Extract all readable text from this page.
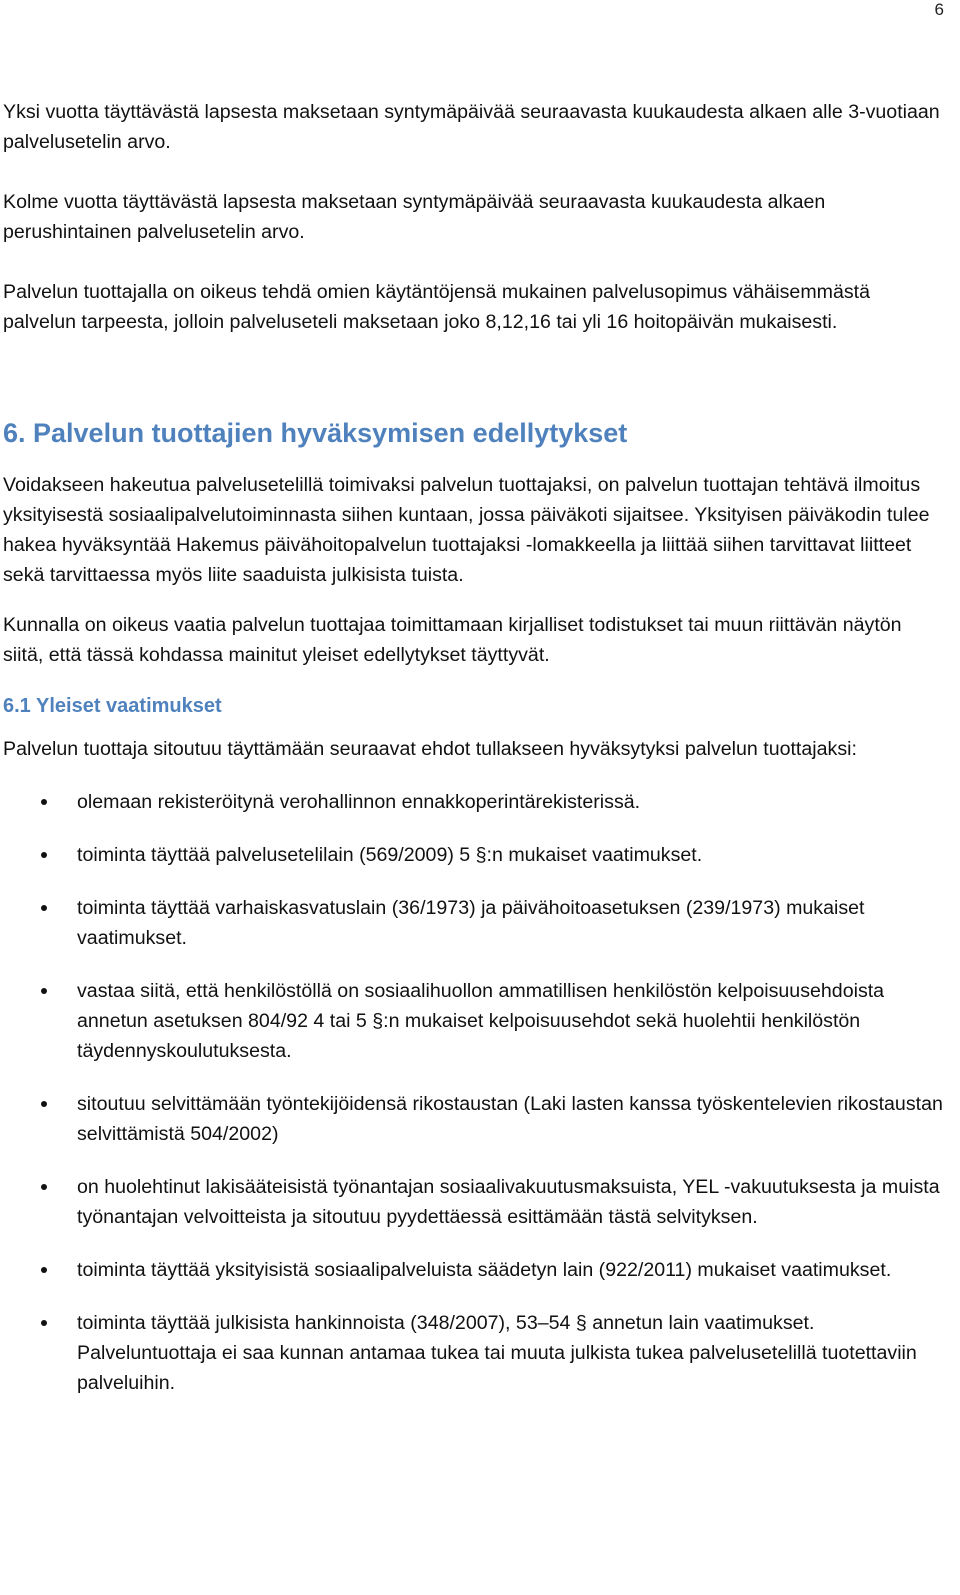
6

Yksi vuotta täyttävästä lapsesta maksetaan syntymäpäivää seuraavasta kuukaudesta alkaen alle 3-vuotiaan palvelusetelin arvo.

Kolme vuotta täyttävästä lapsesta maksetaan syntymäpäivää seuraavasta kuukaudesta alkaen perushintainen palvelusetelin arvo.

Palvelun tuottajalla on oikeus tehdä omien käytäntöjensä mukainen palvelusopimus vähäisemmästä palvelun tarpeesta, jolloin palveluseteli maksetaan joko 8,12,16 tai yli 16 hoitopäivän mukaisesti.

6. Palvelun tuottajien hyväksymisen edellytykset

Voidakseen hakeutua palvelusetelillä toimivaksi palvelun tuottajaksi, on palvelun tuottajan tehtävä ilmoitus yksityisestä sosiaalipalvelutoiminnasta siihen kuntaan, jossa päiväkoti sijaitsee. Yksityisen päiväkodin tulee hakea hyväksyntää Hakemus päivähoitopalvelun tuottajaksi -lomakkeella ja liittää siihen tarvittavat liitteet sekä tarvittaessa myös liite saaduista julkisista tuista.

Kunnalla on oikeus vaatia palvelun tuottajaa toimittamaan kirjalliset todistukset tai muun riittävän näytön siitä, että tässä kohdassa mainitut yleiset edellytykset täyttyvät.

6.1 Yleiset vaatimukset

Palvelun tuottaja sitoutuu täyttämään seuraavat ehdot tullakseen hyväksytyksi palvelun tuottajaksi:

olemaan rekisteröitynä verohallinnon ennakkoperintärekisterissä.
toiminta täyttää palvelusetelilain (569/2009) 5 §:n mukaiset vaatimukset.
toiminta täyttää varhaiskasvatuslain (36/1973) ja päivähoitoasetuksen (239/1973) mukaiset vaatimukset.
vastaa siitä, että henkilöstöllä on sosiaalihuollon ammatillisen henkilöstön kelpoisuusehdoista annetun asetuksen 804/92 4 tai 5 §:n mukaiset kelpoisuusehdot sekä huolehtii henkilöstön täydennyskoulutuksesta.
sitoutuu selvittämään työntekijöidensä rikostaustan (Laki lasten kanssa työskentelevien rikostaustan selvittämistä 504/2002)
on huolehtinut lakisääteisistä työnantajan sosiaalivakuutusmaksuista, YEL -vakuutuksesta ja muista työnantajan velvoitteista ja sitoutuu pyydettäessä esittämään tästä selvityksen.
toiminta täyttää yksityisistä sosiaalipalveluista säädetyn lain (922/2011) mukaiset vaatimukset.
toiminta täyttää julkisista hankinnoista (348/2007), 53–54 § annetun lain vaatimukset. Palveluntuottaja ei saa kunnan antamaa tukea tai muuta julkista tukea palvelusetelillä tuotettaviin palveluihin.
